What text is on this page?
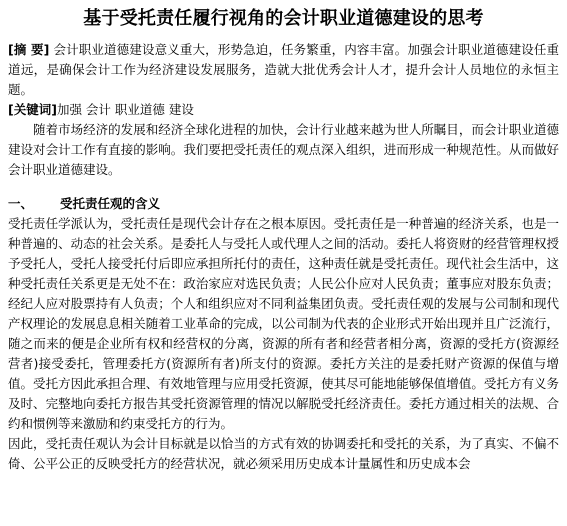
基于受托责任履行视角的会计职业道德建设的思考

[摘 要] 会计职业道德建设意义重大，形势急迫，任务繁重，内容丰富。加强会计职业道德建设任重道远，是确保会计工作为经济建设发展服务，造就大批优秀会计人才，提升会计人员地位的永恒主题。

[关键词]加强 会计 职业道德 建设

随着市场经济的发展和经济全球化进程的加快，会计行业越来越为世人所瞩目，而会计职业道德建设对会计工作有直接的影响。我们要把受托责任的观点深入组织，进而形成一种规范性。从而做好会计职业道德建设。

一、 受托责任观的含义

受托责任学派认为，受托责任是现代会计存在之根本原因。受托责任是一种普遍的经济关系，也是一种普遍的、动态的社会关系。是委托人与受托人或代理人之间的活动。委托人将资财的经营管理权授予受托人，受托人接受托付后即应承担所托付的责任，这种责任就是受托责任。现代社会生活中，这种受托责任关系更是无处不在：政治家应对选民负责；人民公仆应对人民负责；董事应对股东负责；经纪人应对股票持有人负责；个人和组织应对不同利益集团负责。受托责任观的发展与公司制和现代产权理论的发展息息相关随着工业革命的完成，以公司制为代表的企业形式开始出现并且广泛流行，随之而来的便是企业所有权和经营权的分离，资源的所有者和经营者相分离，资源的受托方(资源经营者)接受委托，管理委托方(资源所有者)所支付的资源。委托方关注的是委托财产资源的保值与增值。受托方因此承担合理、有效地管理与应用受托资源，使其尽可能地能够保值增值。受托方有义务及时、完整地向委托方报告其受托资源管理的情况以解脱受托经济责任。委托方通过相关的法规、合约和惯例等来激励和约束受托方的行为。

因此，受托责任观认为会计目标就是以恰当的方式有效的协调委托和受托的关系，为了真实、不偏不倚、公平公正的反映受托方的经营状况，就必须采用历史成本计量属性和历史成本会
